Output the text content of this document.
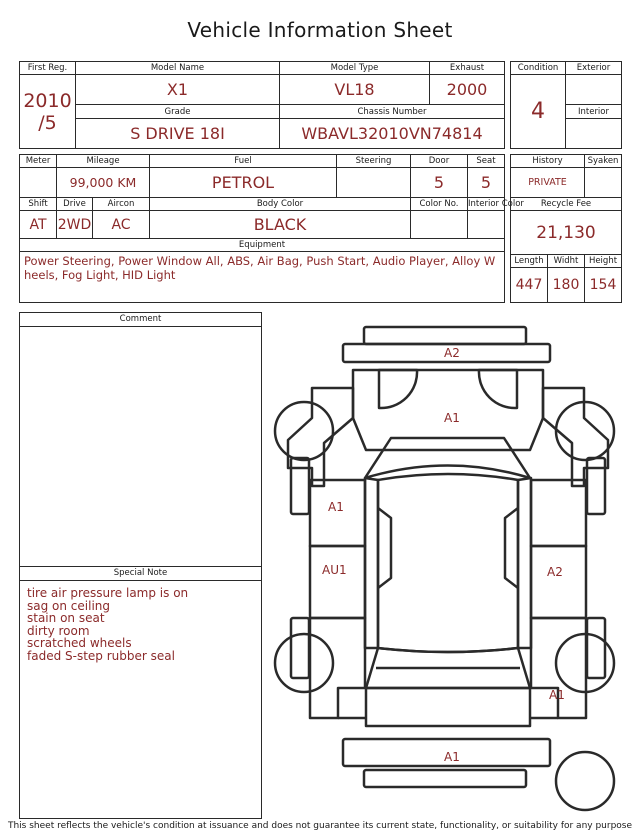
Vehicle Information Sheet
First Reg.	Model Name	Model Type	Exhaust

2010
/5	X1	VL18	2000
	Grade	Chassis Number	
	S DRIVE 18I	WBAVL32010VN74814	
Condition	Exterior
4	
	Interior

Meter	Mileage		Fuel	Steering	Door	Seat
	99,000 KM		PETROL		5	5
Shift	Drive	Aircon	Body Color		Color No.	Interior Color
AT	2WD	AC	BLACK			
Equipment						

Power Steering, Power Window All, ABS, Air Bag, Push Start, Audio Player, Alloy Wheels, Fog Light, HID Light						
History		Syaken
PRIVATE		
Recycle Fee		
21,130		
Length	Widht	Height
447	180	154
Comment
Special Note
tire air pressure lamp is on
sag on ceiling
stain on seat
dirty room
scratched wheels
faded S-step rubber seal
A2
A1
A1
AU1	A2
A1
A1
This sheet reflects the vehicle's condition at issuance and does not guarantee its current state, functionality, or suitability for any purpose
